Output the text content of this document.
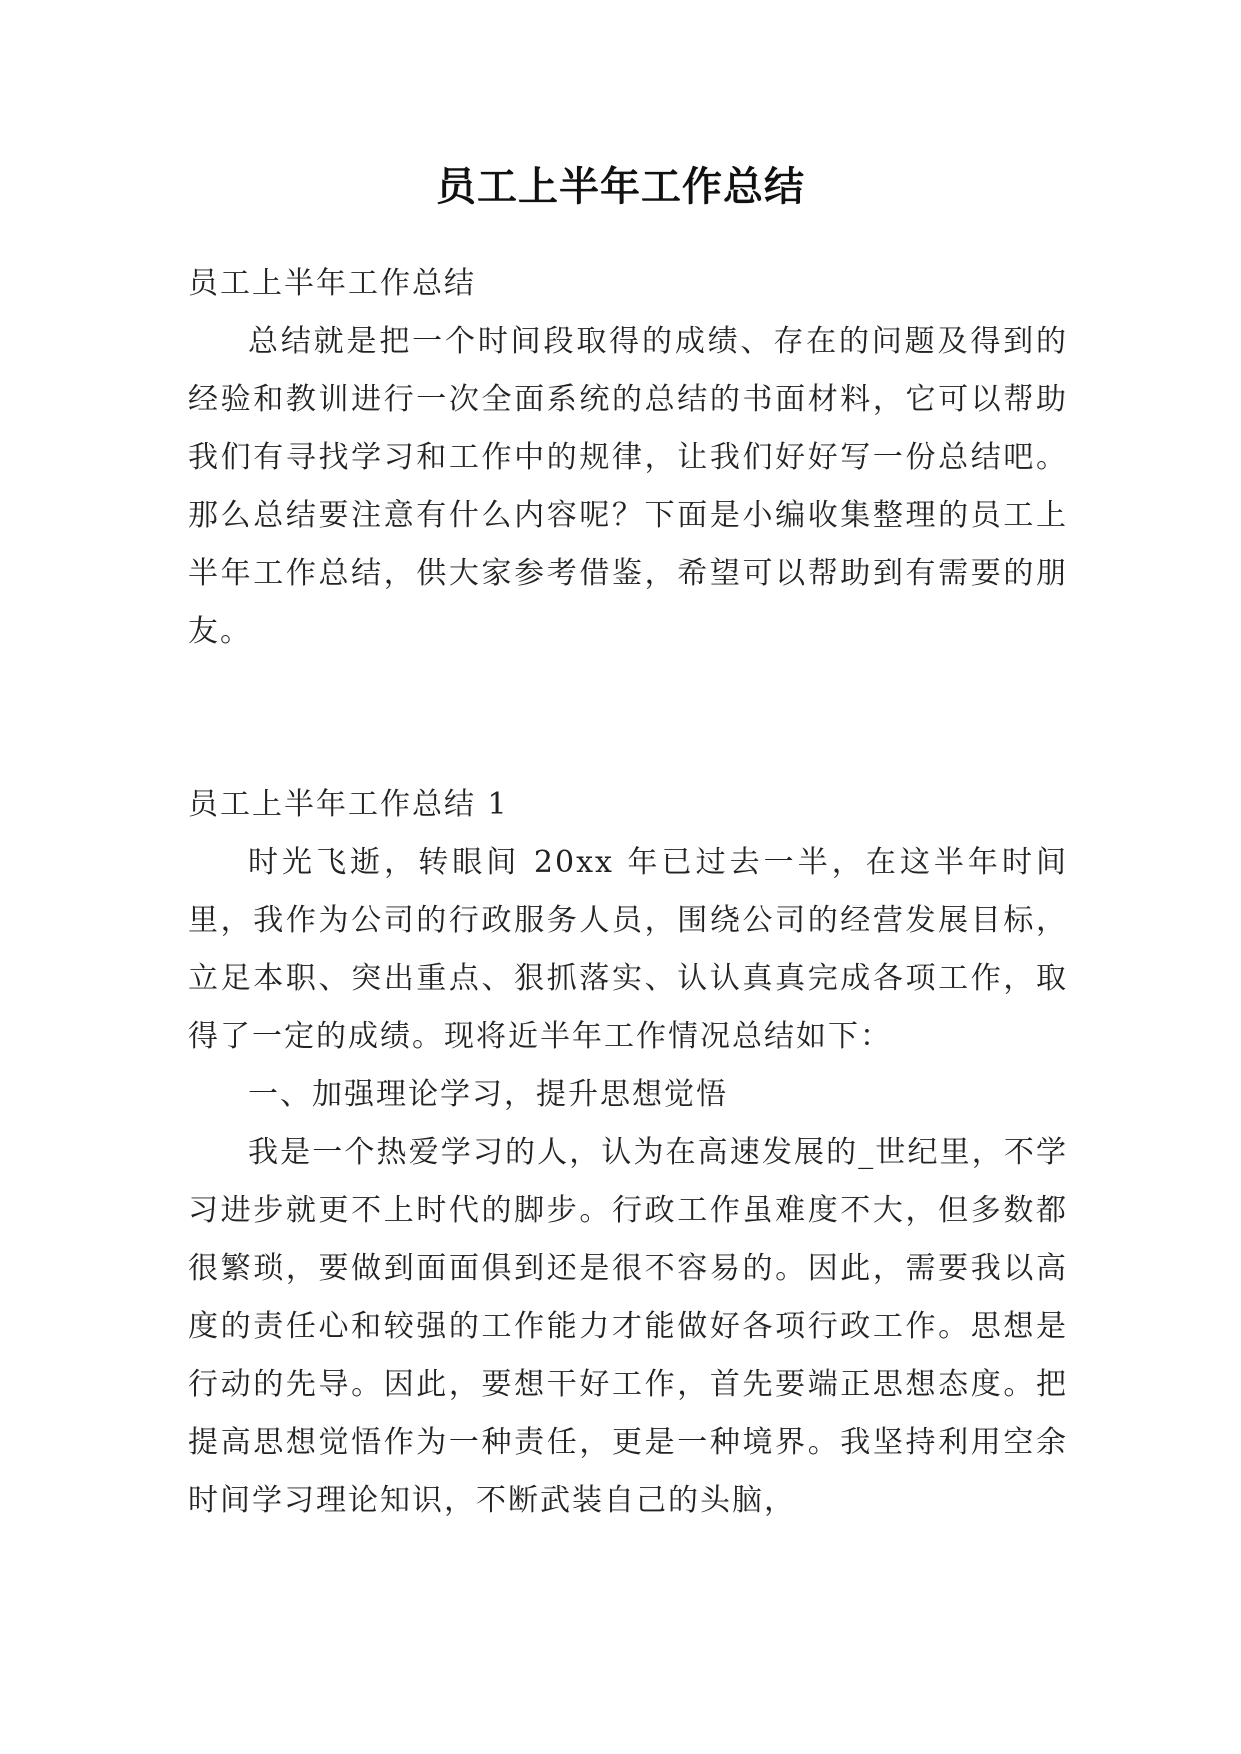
员工上半年工作总结

员工上半年工作总结

总结就是把一个时间段取得的成绩、存在的问题及得到的经验和教训进行一次全面系统的总结的书面材料，它可以帮助我们有寻找学习和工作中的规律，让我们好好写一份总结吧。那么总结要注意有什么内容呢？下面是小编收集整理的员工上半年工作总结，供大家参考借鉴，希望可以帮助到有需要的朋友。

员工上半年工作总结 1

时光飞逝，转眼间 20xx 年已过去一半，在这半年时间里，我作为公司的行政服务人员，围绕公司的经营发展目标，立足本职、突出重点、狠抓落实、认认真真完成各项工作，取得了一定的成绩。现将近半年工作情况总结如下：

一、加强理论学习，提升思想觉悟

我是一个热爱学习的人，认为在高速发展的_世纪里，不学习进步就更不上时代的脚步。行政工作虽难度不大，但多数都很繁琐，要做到面面俱到还是很不容易的。因此，需要我以高度的责任心和较强的工作能力才能做好各项行政工作。思想是行动的先导。因此，要想干好工作，首先要端正思想态度。把提高思想觉悟作为一种责任，更是一种境界。我坚持利用空余时间学习理论知识，不断武装自己的头脑，
